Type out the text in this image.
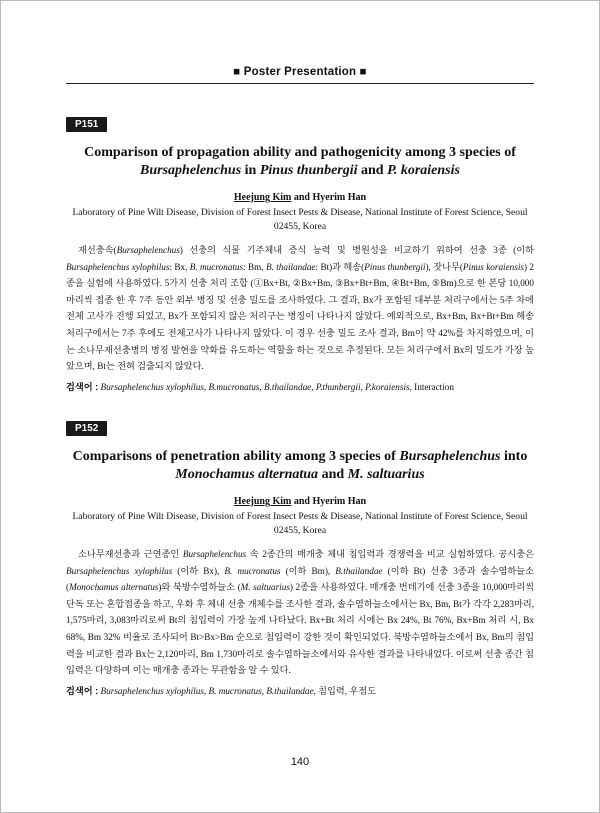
■ Poster Presentation ■
P151
Comparison of propagation ability and pathogenicity among 3 species of Bursaphelenchus in Pinus thunbergii and P. koraiensis
Heejung Kim and Hyerim Han
Laboratory of Pine Wilt Disease, Division of Forest Insect Pests & Disease, National Institute of Forest Science, Seoul 02455, Korea
재선충속(Bursaphelenchus) 선충의 식물 기주체내 증식 능력 및 병원성을 비교하기 위하여 선충 3종 (이하 Bursaphelenchus xylophilus: Bx, B. mucronatus: Bm, B. thailandae: Bt)과 해송(Pinus thunbergii), 잣나무(Pinus koraiensis) 2종을 실험에 사용하였다. 5가지 선충 처리 조합 (①Bx+Bt, ②Bx+Bm, ③Bx+Bt+Bm, ④Bt+Bm, ⑤Bm)으로 한 본당 10,000마리씩 접종 한 후 7주 동안 외부 병징 및 선충 밀도를 조사하였다. 그 결과, Bx가 포함된 대부분 처리구에서는 5주 차에 전체 고사가 진행 되었고, Bx가 포함되지 않은 처리구는 병징이 나타나지 않았다. 예외적으로, Bx+Bm, Bx+Bt+Bm 해송 처리구에서는 7주 후에도 전체고사가 나타나지 않았다. 이 경우 선충 밀도 조사 결과, Bm이 약 42%를 차지하였으며, 이는 소나무재선충병의 병징 발현을 약화를 유도하는 역할을 하는 것으로 추정된다. 모든 처리구에서 Bx의 밀도가 가장 높았으며, Bt는 전혀 검출되지 않았다.
검색어 : Bursaphelenchus xylophilus, B.mucronatus, B.thailandae, P.thunbergii, P.koraiensis, Interaction
P152
Comparisons of penetration ability among 3 species of Bursaphelenchus into Monochamus alternatua and M. saltuarius
Heejung Kim and Hyerim Han
Laboratory of Pine Wilt Disease, Division of Forest Insect Pests & Disease, National Institute of Forest Science, Seoul 02455, Korea
소나무재선충과 근연종인 Bursaphelenchus 속 2종간의 매개충 체내 침입력과 경쟁력을 비교 실험하였다. 공시충은 Bursaphelenchus xylophilus (이하 Bx), B. mucronatus (이하 Bm), B.thailandae (이하 Bt) 선충 3종과 솔수염하늘소(Monochamus alternatus)와 북방수염하늘소 (M. saltuarius) 2종을 사용하였다. 매개충 번데기에 선충 3종을 10,000마리씩 단독 또는 혼합접종을 하고, 우화 후 체내 선충 개체수를 조사한 결과, 솔수염하늘소에서는 Bx, Bm, Bt가 각각 2,283마리, 1,575마리, 3,083마리로써 Bt의 침입력이 가장 높게 나타났다. Bx+Bt 처리 시에는 Bx 24%, Bt 76%, Bx+Bm 처리 시, Bx 68%, Bm 32% 비율로 조사되어 Bt>Bx>Bm 순으로 침입력이 강한 것이 확인되었다. 북방수염하늘소에서 Bx, Bm의 침입력을 비교한 결과 Bx는 2,120마리, Bm 1,730마리로 솔수염하늘소에서와 유사한 결과를 나타내었다. 이로써 선충 종간 침입력은 다양하며 이는 매개충 종과는 무관함을 알 수 있다.
검색어 : Bursaphelenchus xylophilus, B. mucronatus, B.thailandae, 침입력, 우점도
140
